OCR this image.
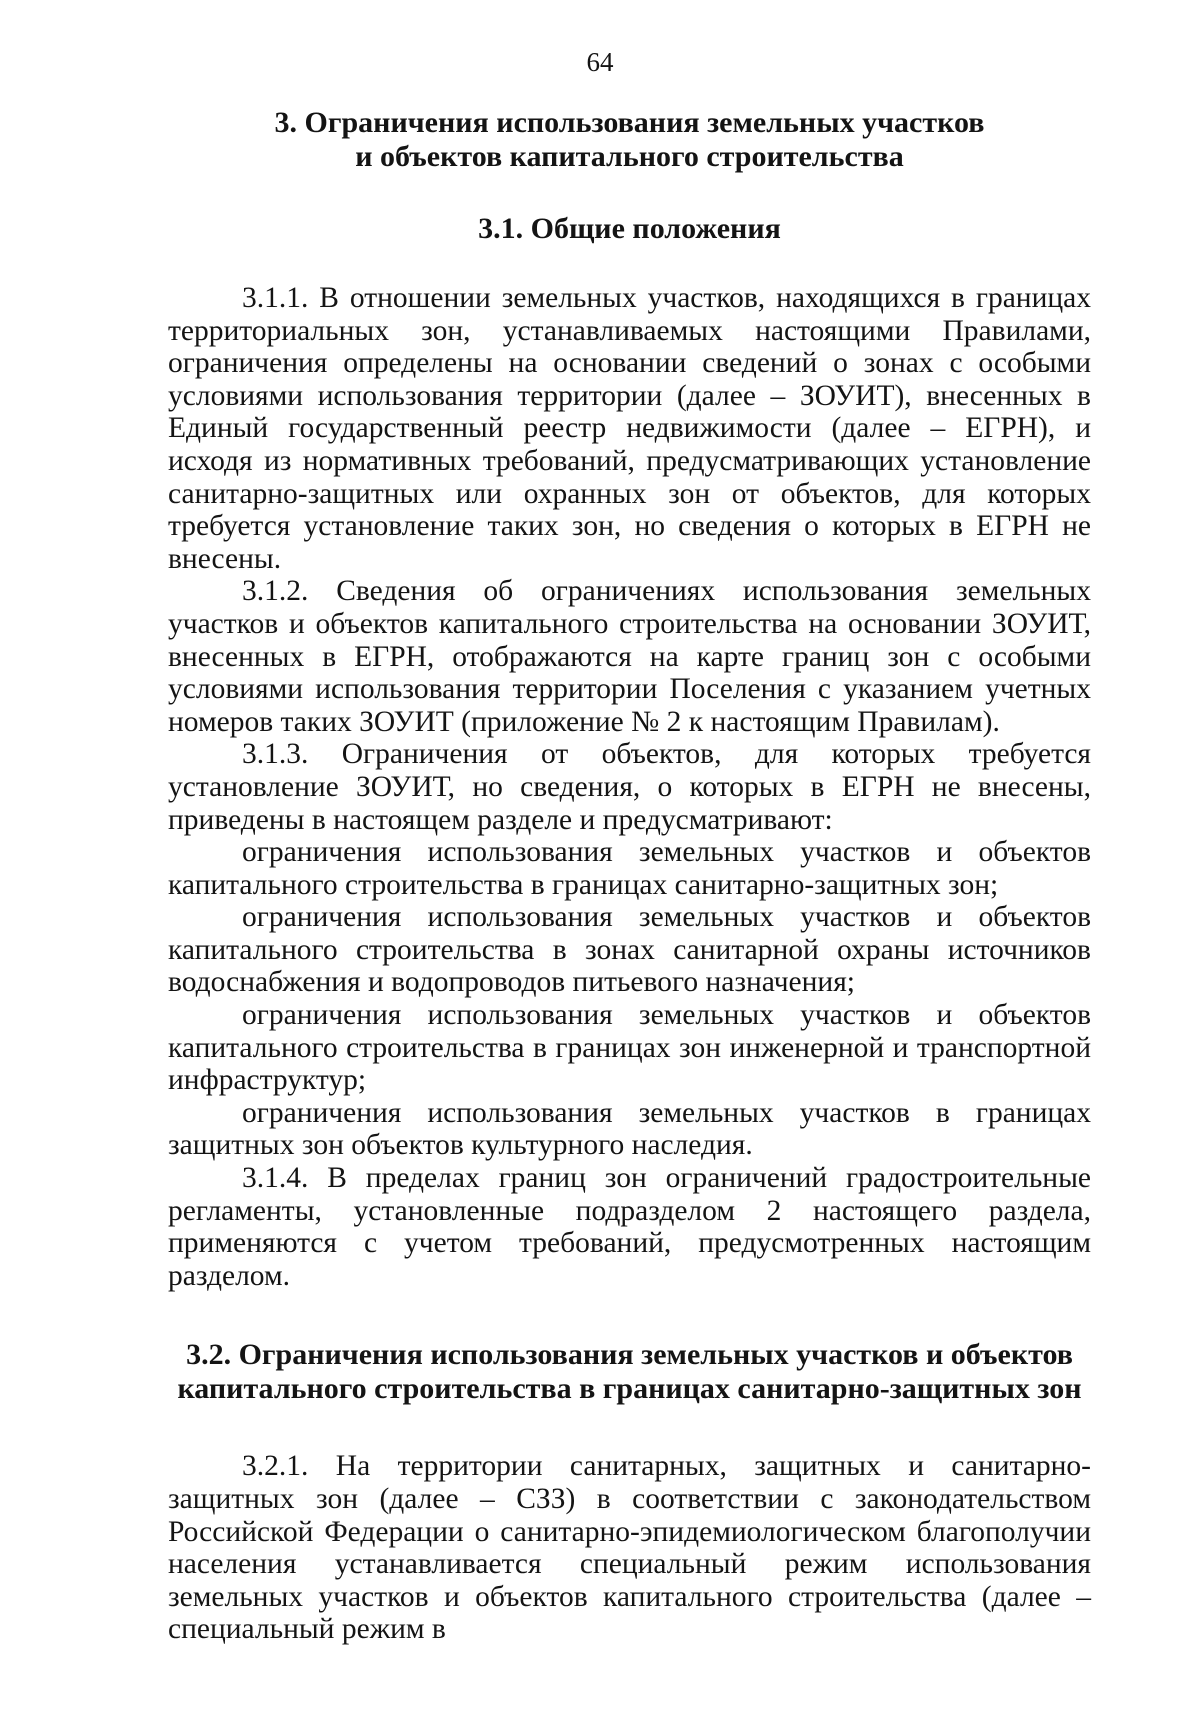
64
3. Ограничения использования земельных участков
и объектов капитального строительства
3.1. Общие положения

3.1.1. В отношении земельных участков, находящихся в границах территориальных зон, устанавливаемых настоящими Правилами, ограничения определены на основании сведений о зонах с особыми условиями использования территории (далее – ЗОУИТ), внесенных в Единый государственный реестр недвижимости (далее – ЕГРН), и исходя из нормативных требований, предусматривающих установление санитарно-защитных или охранных зон от объектов, для которых требуется установление таких зон, но сведения о которых в ЕГРН не внесены.

3.1.2. Сведения об ограничениях использования земельных участков и объектов капитального строительства на основании ЗОУИТ, внесенных в ЕГРН, отображаются на карте границ зон с особыми условиями использования территории Поселения с указанием учетных номеров таких ЗОУИТ (приложение № 2 к настоящим Правилам).

3.1.3. Ограничения от объектов, для которых требуется установление ЗОУИТ, но сведения, о которых в ЕГРН не внесены, приведены в настоящем разделе и предусматривают:

ограничения использования земельных участков и объектов капитального строительства в границах санитарно-защитных зон;

ограничения использования земельных участков и объектов капитального строительства в зонах санитарной охраны источников водоснабжения и водопроводов питьевого назначения;

ограничения использования земельных участков и объектов капитального строительства в границах зон инженерной и транспортной инфраструктур;

ограничения использования земельных участков в границах защитных зон объектов культурного наследия.

3.1.4. В пределах границ зон ограничений градостроительные регламенты, установленные подразделом 2 настоящего раздела, применяются с учетом требований, предусмотренных настоящим разделом.

3.2. Ограничения использования земельных участков и объектов
капитального строительства в границах санитарно-защитных зон

3.2.1. На территории санитарных, защитных и санитарно-защитных зон (далее – СЗЗ) в соответствии с законодательством Российской Федерации о санитарно-эпидемиологическом благополучии населения устанавливается специальный режим использования земельных участков и объектов капитального строительства (далее – специальный режим в
